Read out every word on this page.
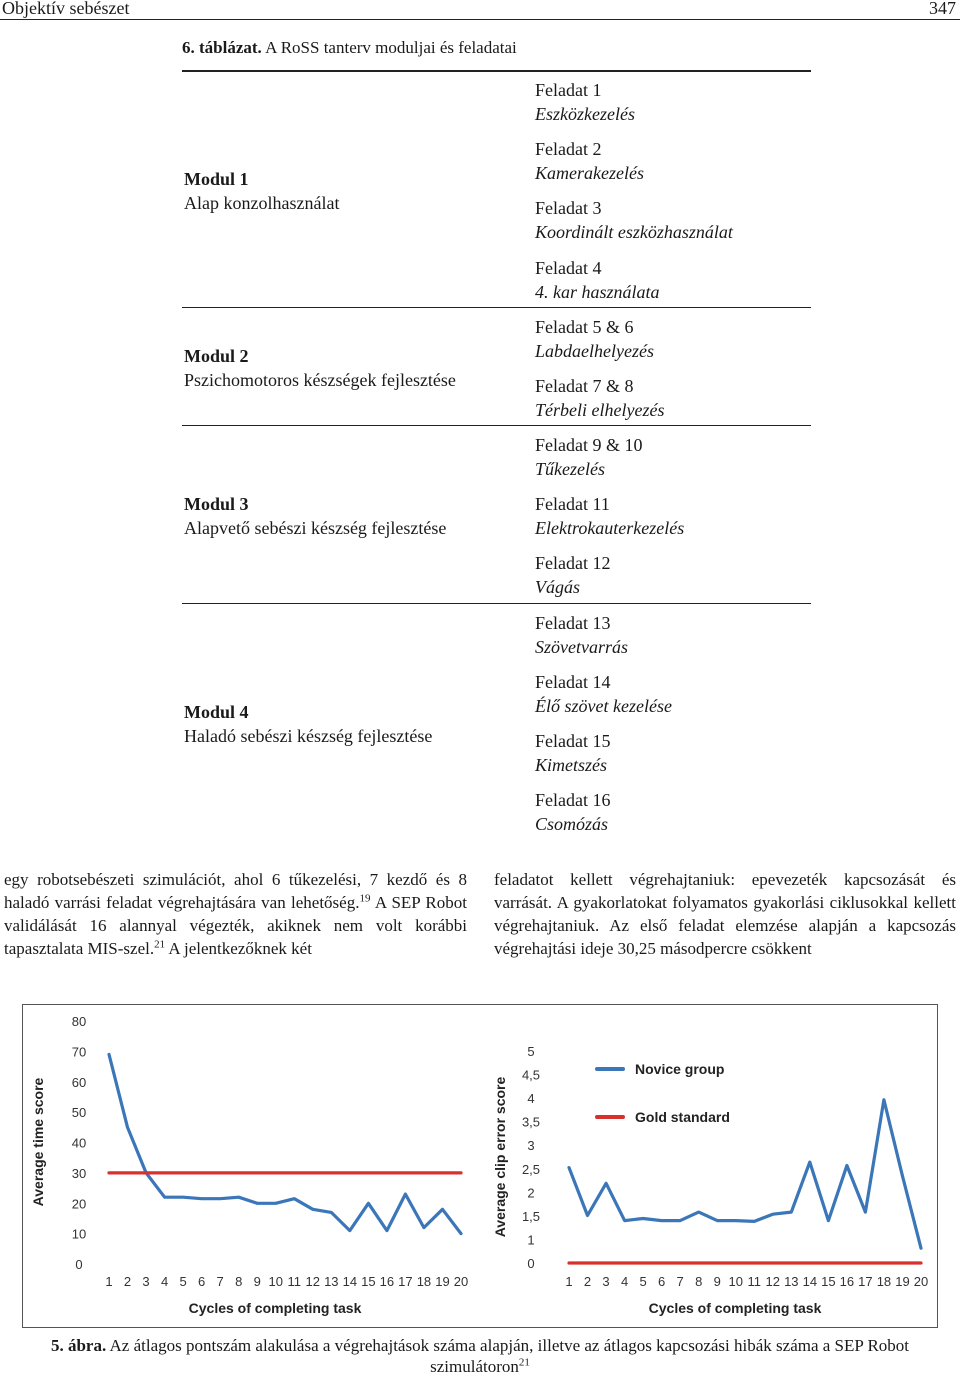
Objektív sebészet	347
6. táblázat. A RoSS tanterv moduljai és feladatai
Modul 1
Alap konzolhasználat
Modul 2
Pszichomotoros készségek fejlesztése
Modul 3
Alapvető sebészi készség fejlesztése
Modul 4
Haladó sebészi készség fejlesztése
Feladat 1
Eszközkezelés
Feladat 2
Kamerakezelés
Feladat 3
Koordinált eszközhasználat
Feladat 4
4. kar használata
Feladat 5 & 6
Labdaelhelyezés
Feladat 7 & 8
Térbeli elhelyezés
Feladat 9 & 10
Tűkezelés
Feladat 11
Elektrokauterkezelés
Feladat 12
Vágás
Feladat 13
Szövetvarrás
Feladat 14
Élő szövet kezelése
Feladat 15
Kimetszés
Feladat 16
Csomózás
egy robotsebészeti szimulációt, ahol 6 tűkezelési, 7 kezdő és 8 haladó varrási feladat végrehajtására van lehetőség.$^{19}$ A SEP Robot validálását 16 alannyal végezték, akiknek nem volt korábbi tapasztalata MIS-szel.$^{21}$ A jelentkezőknek két
feladatot kellett végrehajtaniuk: epevezeték kapcsozását és varrását. A gyakorlatokat folyamatos gyakorlási ciklusokkal kellett végrehajtaniuk. Az első feladat elemzése alapján a kapcsozás végrehajtási ideje 30,25 másodpercre csökkent
0
10
20
30
40
50
60
70
80
1 2 3 4 5 6 7 8 9 10 11 12 13 14 15 16 17 18 19 20
Cycles of completing task
Average time score
0
1
1,5
2
2,5
3
3,5
4
4,5
5
1 2 3 4 5 6 7 8 9 10 11 12 13 14 15 16 17 18 19 20
Cycles of completing task
Average clip error score
Novice group
Gold standard
5. ábra. Az átlagos pontszám alakulása a végrehajtások száma alapján, illetve az átlagos kapcsozási hibák száma a SEP Robot szimulátoron$^{21}$
